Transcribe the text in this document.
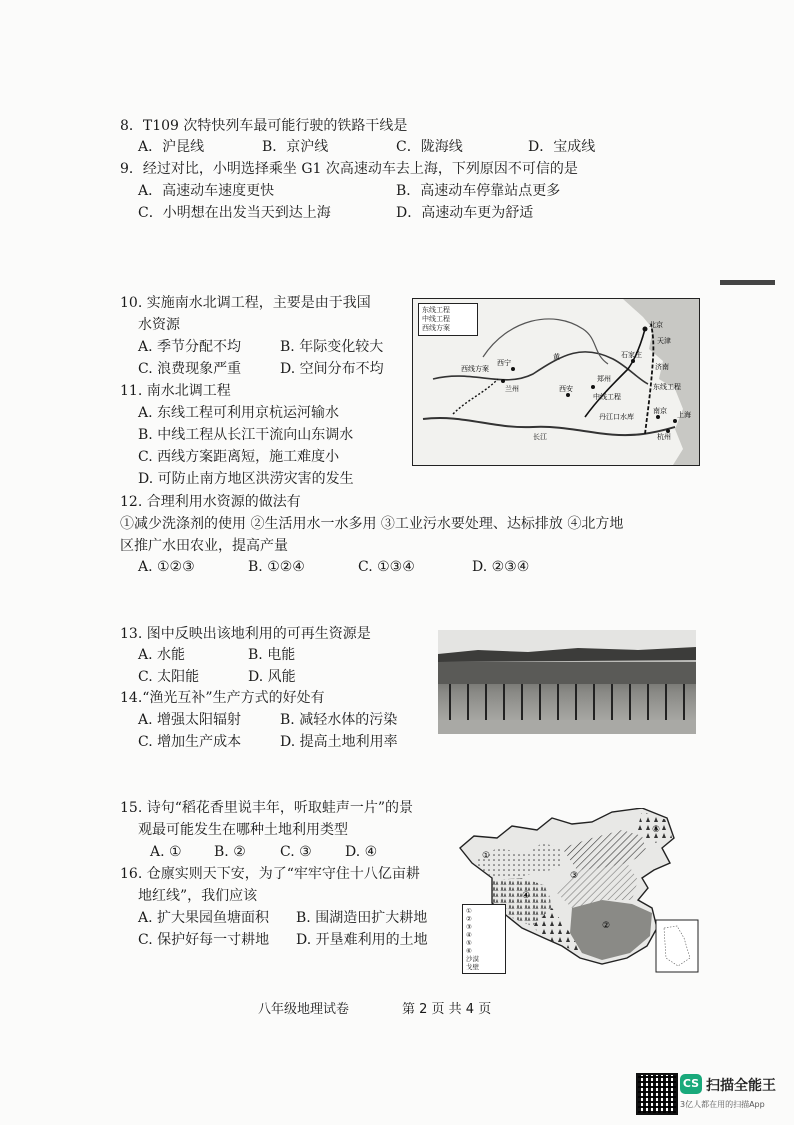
8．T109 次特快列车最可能行驶的铁路干线是
A．沪昆线	B．京沪线	C．陇海线	D．宝成线
9．经过对比，小明选择乘坐 G1 次高速动车去上海，下列原因不可信的是
A．高速动车速度更快	B．高速动车停靠站点更多
C．小明想在出发当天到达上海	D．高速动车更为舒适
10. 实施南水北调工程，主要是由于我国
水资源
A. 季节分配不均	B. 年际变化较大
C. 浪费现象严重	D. 空间分布不均
11. 南水北调工程
A. 东线工程可利用京杭运河输水
B. 中线工程从长江干流向山东调水
C. 西线方案距离短，施工难度小
D. 可防止南方地区洪涝灾害的发生
西线方案
中线工程
东线工程
西宁
兰州
石家庄
北京
天津
郑州
西安
济南
南京
杭州
上海
黄
长江
丹江口水库
东线工程
中线工程
西线方案
12. 合理利用水资源的做法有
①减少洗涤剂的使用 ②生活用水一水多用 ③工业污水要处理、达标排放 ④北方地
区推广水田农业，提高产量
A. ①②③	B. ①②④	C. ①③④	D. ②③④
13. 图中反映出该地利用的可再生资源是
A. 水能	B. 电能
C. 太阳能	D. 风能
14.“渔光互补”生产方式的好处有
A. 增强太阳辐射	B. 减轻水体的污染
C. 增加生产成本	D. 提高土地利用率
15. 诗句“稻花香里说丰年，听取蛙声一片”的景
观最可能发生在哪种土地利用类型
A. ① B. ② C. ③ D. ④
16. 仓廪实则天下安，为了“牢牢守住十八亿亩耕
地红线”，我们应该
A. 扩大果园鱼塘面积 B. 围湖造田扩大耕地
C. 保护好每一寸耕地 D. 开垦难利用的土地
①
④
③
②
⑤
①
②
③
④
⑤
⑥
沙漠
戈壁
八年级地理试卷	第 2 页 共 4 页
CS 扫描全能王
3亿人都在用的扫描App
